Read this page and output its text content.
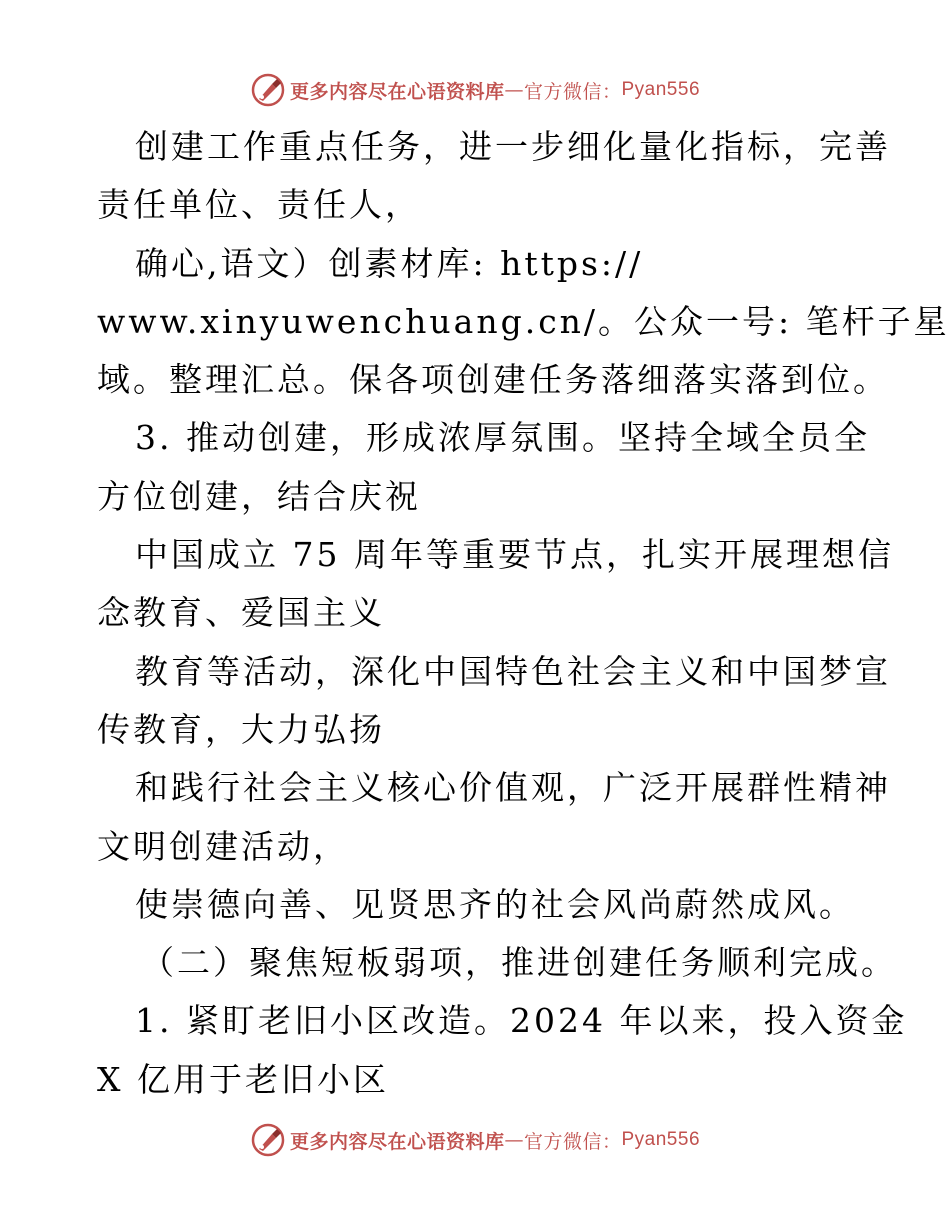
更多内容尽在心语资料库 — 官方微信： Pyan556
创建工作重点任务，进一步细化量化指标，完善
责任单位、责任人，
确心,语文）创素材库: https://
www.xinyuwenchuang.cn/。公众一号: 笔杆子星
域。整理汇总。保各项创建任务落细落实落到位。
3. 推动创建，形成浓厚氛围。坚持全域全员全
方位创建，结合庆祝
中国成立 75 周年等重要节点，扎实开展理想信
念教育、爱国主义
教育等活动，深化中国特色社会主义和中国梦宣
传教育，大力弘扬
和践行社会主义核心价值观，广泛开展群性精神
文明创建活动，
使崇德向善、见贤思齐的社会风尚蔚然成风。
（二）聚焦短板弱项，推进创建任务顺利完成。
1. 紧盯老旧小区改造。2024 年以来，投入资金
X 亿用于老旧小区
更多内容尽在心语资料库 — 官方微信： Pyan556
